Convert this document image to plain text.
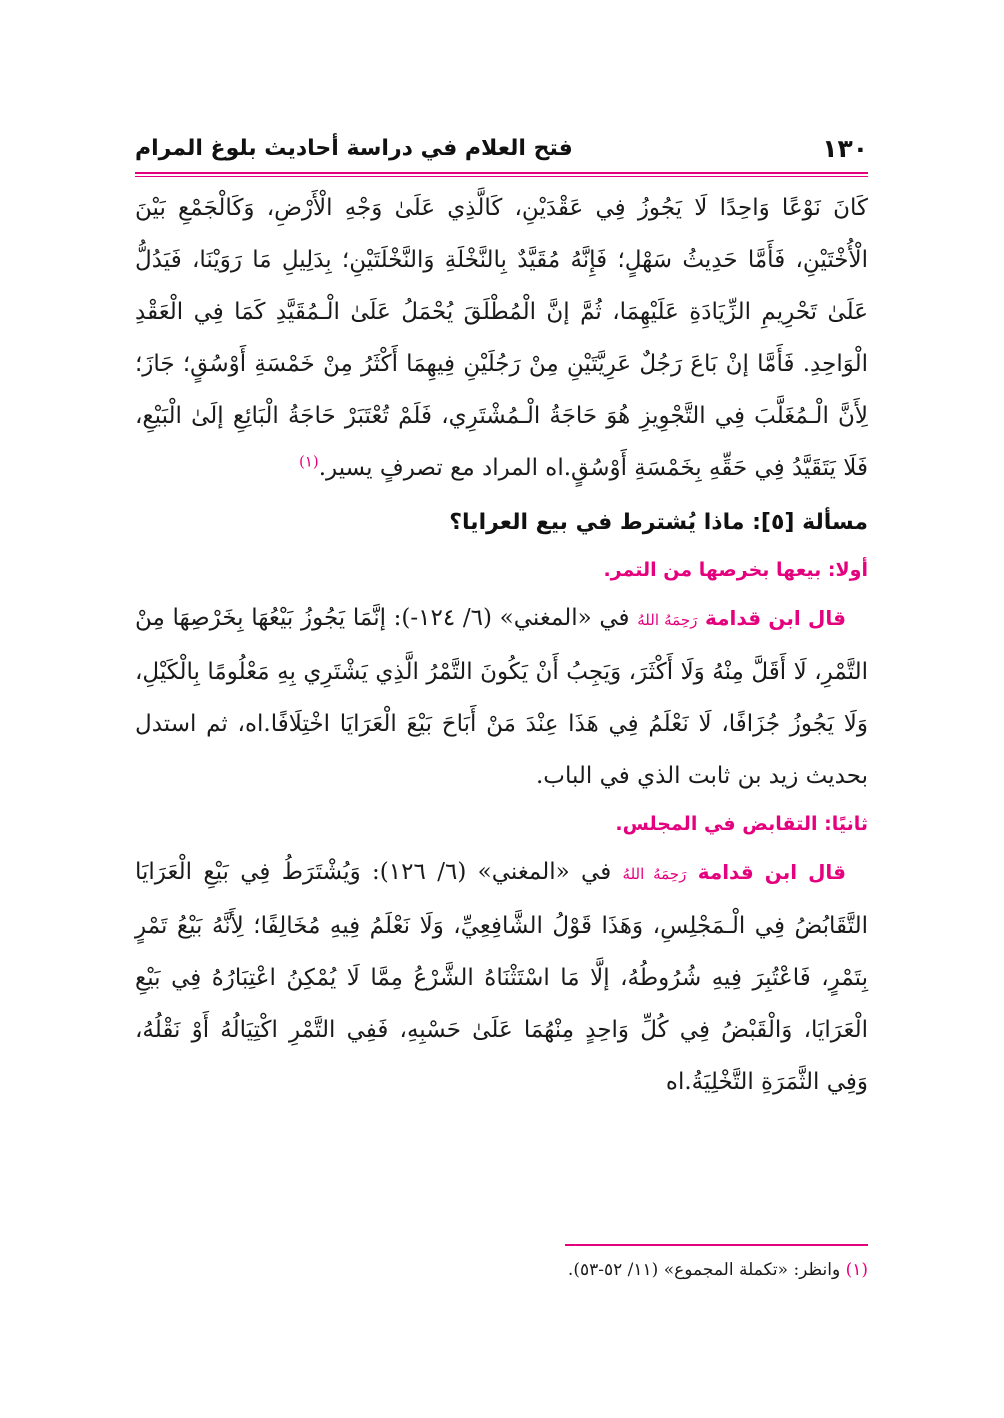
١٣٠
فتح العلام في دراسة أحاديث بلوغ المرام

كَانَ نَوْعًا وَاحِدًا لَا يَجُوزُ فِي عَقْدَيْنِ، كَالَّذِي عَلَىٰ وَجْهِ الْأَرْضِ، وَكَالْجَمْعِ بَيْنَ الْأُخْتَيْنِ، فَأَمَّا حَدِيثُ سَهْلٍ؛ فَإِنَّهُ مُقَيَّدٌ بِالنَّخْلَةِ وَالنَّخْلَتَيْنِ؛ بِدَلِيلِ مَا رَوَيْنَا، فَيَدُلُّ عَلَىٰ تَحْرِيمِ الزِّيَادَةِ عَلَيْهِمَا، ثُمَّ إنَّ الْمُطْلَقَ يُحْمَلُ عَلَىٰ الْـمُقَيَّدِ كَمَا فِي الْعَقْدِ الْوَاحِدِ. فَأَمَّا إنْ بَاعَ رَجُلٌ عَرِيَّتَيْنِ مِنْ رَجُلَيْنِ فِيهِمَا أَكْثَرُ مِنْ خَمْسَةِ أَوْسُقٍ؛ جَازَ؛ لِأَنَّ الْـمُغَلَّبَ فِي التَّجْوِيزِ هُوَ حَاجَةُ الْـمُشْتَرِي، فَلَمْ تُعْتَبَرْ حَاجَةُ الْبَائِعِ إلَىٰ الْبَيْعِ، فَلَا يَتَقَيَّدُ فِي حَقِّهِ بِخَمْسَةِ أَوْسُقٍ.اه المراد مع تصرفٍ يسير.$^{(١)}$

مسألة [٥]: ماذا يُشترط في بيع العرايا؟
أولا: بيعها بخرصها من التمر.

قال ابن قدامة رَحِمَهُ اللهُ في «المغني» (٦/ ١٢٤-): إنَّمَا يَجُوزُ بَيْعُهَا بِخَرْصِهَا مِنْ التَّمْرِ، لَا أَقَلَّ مِنْهُ وَلَا أَكْثَرَ، وَيَجِبُ أَنْ يَكُونَ التَّمْرُ الَّذِي يَشْتَرِي بِهِ مَعْلُومًا بِالْكَيْلِ، وَلَا يَجُوزُ جُزَافًا، لَا نَعْلَمُ فِي هَذَا عِنْدَ مَنْ أَبَاحَ بَيْعَ الْعَرَايَا اخْتِلَافًا.اه، ثم استدل بحديث زيد بن ثابت الذي في الباب.

ثانيًا: التقابض في المجلس.

قال ابن قدامة رَحِمَهُ اللهُ في «المغني» (٦/ ١٢٦): وَيُشْتَرَطُ فِي بَيْعِ الْعَرَايَا التَّقَابُضُ فِي الْـمَجْلِسِ، وَهَذَا قَوْلُ الشَّافِعِيِّ، وَلَا نَعْلَمُ فِيهِ مُخَالِفًا؛ لِأَنَّهُ بَيْعُ تَمْرٍ بِتَمْرٍ، فَاعْتُبِرَ فِيهِ شُرُوطُهُ، إلَّا مَا اسْتَثْنَاهُ الشَّرْعُ مِمَّا لَا يُمْكِنُ اعْتِبَارُهُ فِي بَيْعِ الْعَرَايَا، وَالْقَبْضُ فِي كُلِّ وَاحِدٍ مِنْهُمَا عَلَىٰ حَسْبِهِ، فَفِي التَّمْرِ اكْتِيَالُهُ أَوْ نَقْلُهُ، وَفِي الثَّمَرَةِ التَّخْلِيَةُ.اه

(١) وانظر: «تكملة المجموع» (١١/ ٥٢-٥٣).
